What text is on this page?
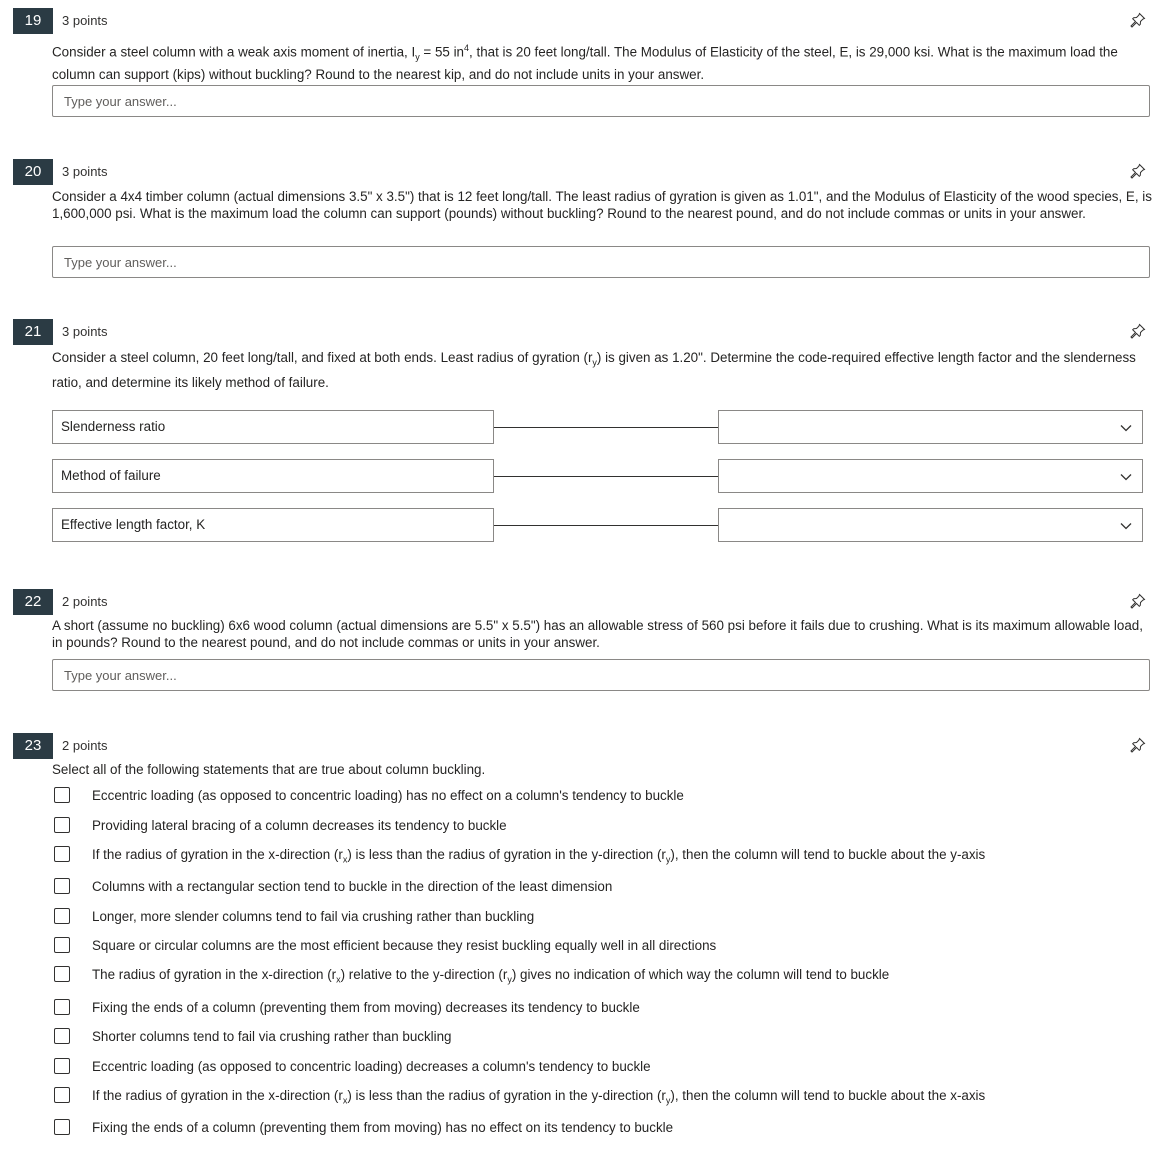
19	3 points
Consider a steel column with a weak axis moment of inertia, $I_y = 55$ $in^4$, that is 20 feet long/tall. The Modulus of Elasticity of the steel, E, is 29,000 ksi. What is the maximum load the column can support (kips) without buckling? Round to the nearest kip, and do not include units in your answer.
Type your answer...
20	3 points
Consider a 4x4 timber column (actual dimensions 3.5" x 3.5") that is 12 feet long/tall. The least radius of gyration is given as 1.01", and the Modulus of Elasticity of the wood species, E, is 1,600,000 psi. What is the maximum load the column can support (pounds) without buckling? Round to the nearest pound, and do not include commas or units in your answer.
Type your answer...
21	3 points
Consider a steel column, 20 feet long/tall, and fixed at both ends. Least radius of gyration $(r_y)$ is given as 1.20". Determine the code-required effective length factor and the slenderness ratio, and determine its likely method of failure.
Slenderness ratio
Method of failure
Effective length factor, K
22	2 points
A short (assume no buckling) 6x6 wood column (actual dimensions are 5.5" x 5.5") has an allowable stress of 560 psi before it fails due to crushing. What is its maximum allowable load, in pounds? Round to the nearest pound, and do not include commas or units in your answer.
Type your answer...
23	2 points
Select all of the following statements that are true about column buckling.
Eccentric loading (as opposed to concentric loading) has no effect on a column's tendency to buckle
Providing lateral bracing of a column decreases its tendency to buckle
If the radius of gyration in the x-direction $(r_x)$ is less than the radius of gyration in the y-direction $(r_y)$, then the column will tend to buckle about the y-axis
Columns with a rectangular section tend to buckle in the direction of the least dimension
Longer, more slender columns tend to fail via crushing rather than buckling
Square or circular columns are the most efficient because they resist buckling equally well in all directions
The radius of gyration in the x-direction $(r_x)$ relative to the y-direction $(r_y)$ gives no indication of which way the column will tend to buckle
Fixing the ends of a column (preventing them from moving) decreases its tendency to buckle
Shorter columns tend to fail via crushing rather than buckling
Eccentric loading (as opposed to concentric loading) decreases a column's tendency to buckle
If the radius of gyration in the x-direction $(r_x)$ is less than the radius of gyration in the y-direction $(r_y)$, then the column will tend to buckle about the x-axis
Fixing the ends of a column (preventing them from moving) has no effect on its tendency to buckle
